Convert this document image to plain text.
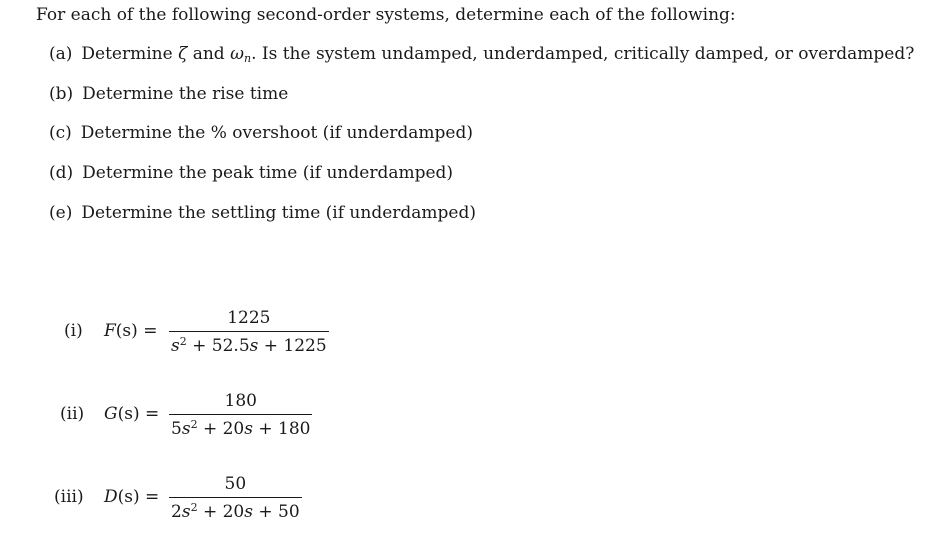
For each of the following second-order systems, determine each of the following:
(a) Determine ζ and $\omega_n$. Is the system undamped, underdamped, critically damped, or overdamped?
(b) Determine the rise time
(c) Determine the % overshoot (if underdamped)
(d) Determine the peak time (if underdamped)
(e) Determine the settling time (if underdamped)
(i) F(s) =
1225
$s^2 + 52.5s + 1225$
(ii) G(s) =
180
$5s^2 + 20s + 180$
(iii) D(s) =
50
$2s^2 + 20s + 50$
